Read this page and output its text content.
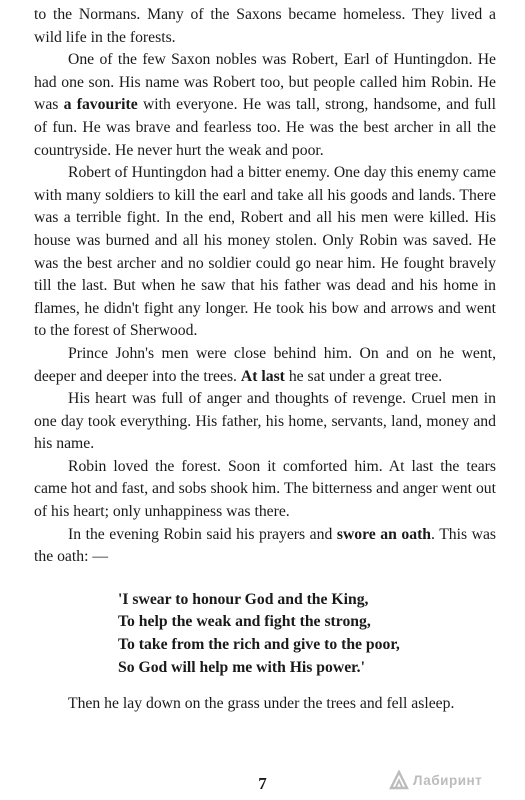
to the Normans. Many of the Saxons became homeless. They lived a wild life in the forests.

One of the few Saxon nobles was Robert, Earl of Huntingdon. He had one son. His name was Robert too, but people called him Robin. He was a favourite with everyone. He was tall, strong, handsome, and full of fun. He was brave and fearless too. He was the best archer in all the countryside. He never hurt the weak and poor.

Robert of Huntingdon had a bitter enemy. One day this enemy came with many soldiers to kill the earl and take all his goods and lands. There was a terrible fight. In the end, Robert and all his men were killed. His house was burned and all his money stolen. Only Robin was saved. He was the best archer and no soldier could go near him. He fought bravely till the last. But when he saw that his father was dead and his home in flames, he didn't fight any longer. He took his bow and arrows and went to the forest of Sherwood.

Prince John's men were close behind him. On and on he went, deeper and deeper into the trees. At last he sat under a great tree.

His heart was full of anger and thoughts of revenge. Cruel men in one day took everything. His father, his home, servants, land, money and his name.

Robin loved the forest. Soon it comforted him. At last the tears came hot and fast, and sobs shook him. The bitterness and anger went out of his heart; only unhappiness was there.

In the evening Robin said his prayers and swore an oath. This was the oath: —

'I swear to honour God and the King,
To help the weak and fight the strong,
To take from the rich and give to the poor,
So God will help me with His power.'

Then he lay down on the grass under the trees and fell asleep.

7	Лабиринт
